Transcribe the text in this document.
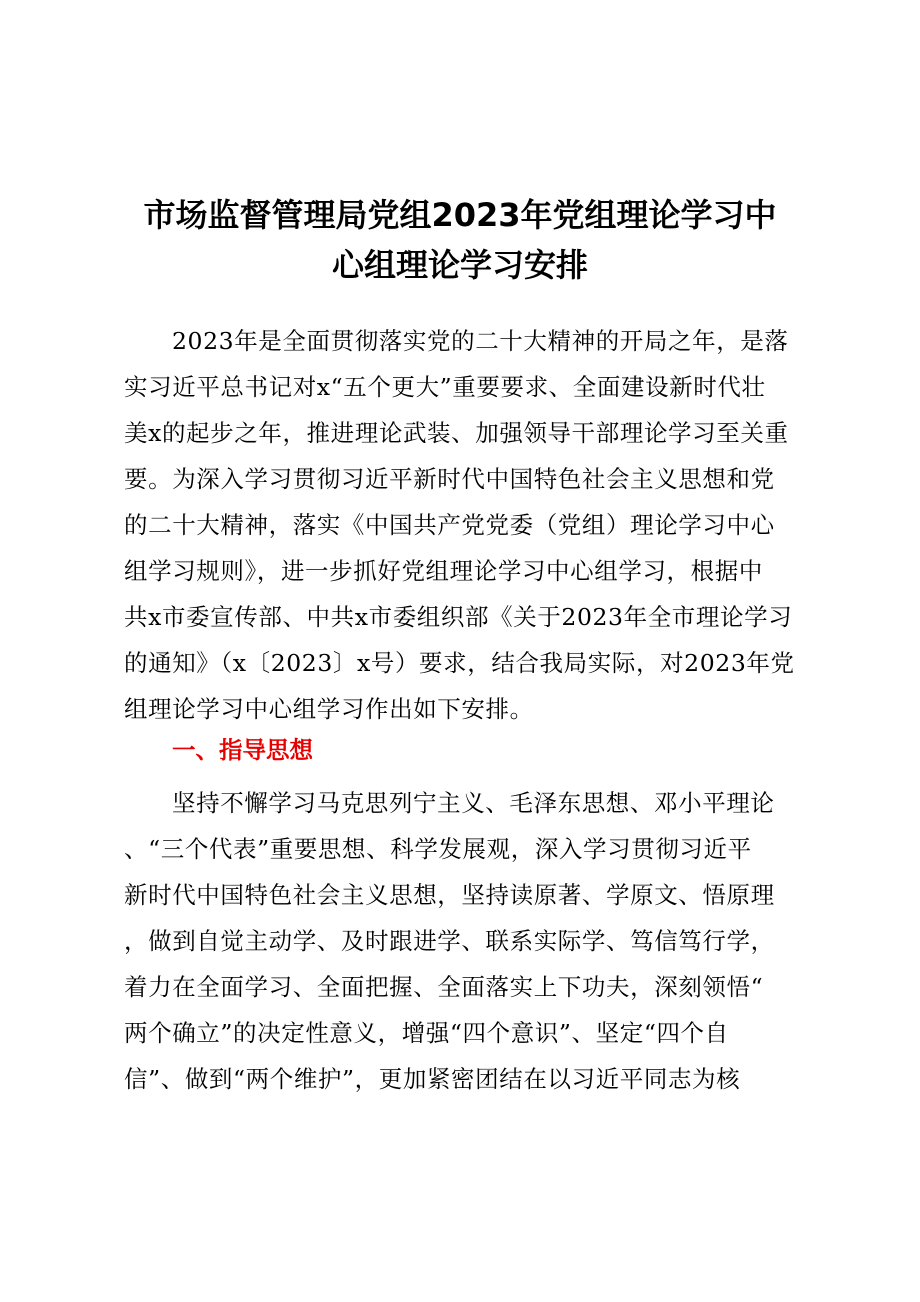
市场监督管理局党组2023年党组理论学习中
心组理论学习安排
2023年是全面贯彻落实党的二十大精神的开局之年，是落
实习近平总书记对x“五个更大”重要要求、全面建设新时代壮
美x的起步之年，推进理论武装、加强领导干部理论学习至关重
要。为深入学习贯彻习近平新时代中国特色社会主义思想和党
的二十大精神，落实《中国共产党党委（党组）理论学习中心
组学习规则》，进一步抓好党组理论学习中心组学习，根据中
共x市委宣传部、中共x市委组织部《关于2023年全市理论学习
的通知》（x〔2023〕x号）要求，结合我局实际，对2023年党
组理论学习中心组学习作出如下安排。
一、指导思想
坚持不懈学习马克思列宁主义、毛泽东思想、邓小平理论
、“三个代表”重要思想、科学发展观，深入学习贯彻习近平
新时代中国特色社会主义思想，坚持读原著、学原文、悟原理
，做到自觉主动学、及时跟进学、联系实际学、笃信笃行学，
着力在全面学习、全面把握、全面落实上下功夫，深刻领悟“
两个确立”的决定性意义，增强“四个意识”、坚定“四个自
信”、做到“两个维护”，更加紧密团结在以习近平同志为核
